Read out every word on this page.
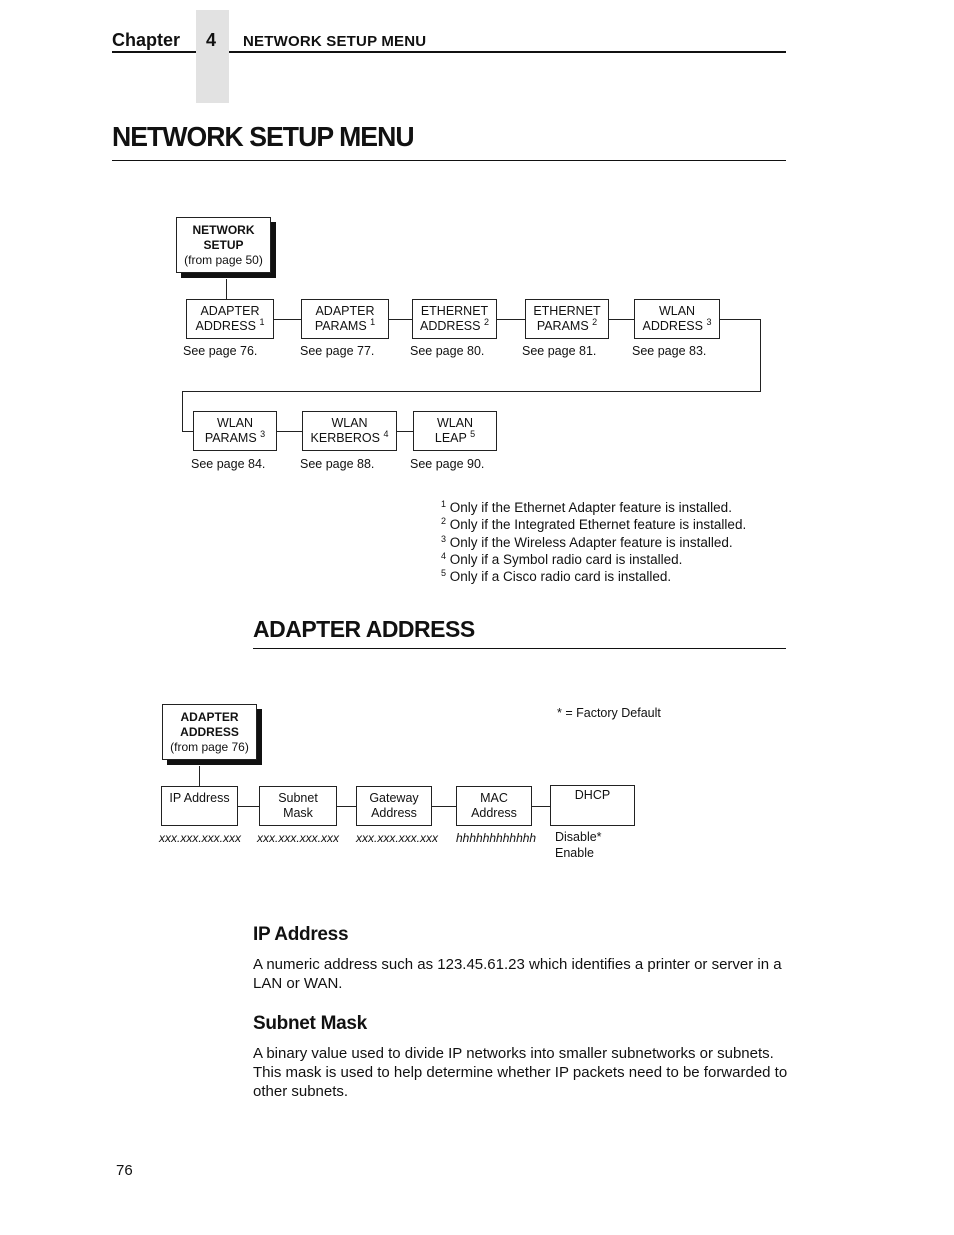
Chapter	4	NETWORK SETUP MENU
NETWORK SETUP MENU
NETWORK
SETUP
(from page 50)
ADAPTER
ADDRESS $^1$
ADAPTER
PARAMS $^1$
ETHERNET
ADDRESS $^2$
ETHERNET
PARAMS $^2$
WLAN
ADDRESS $^3$
See page 76.	See page 77.	See page 80.	See page 81.	See page 83.
WLAN
PARAMS $^3$
WLAN
KERBEROS $^4$
WLAN
LEAP $^5$
See page 84.	See page 88.	See page 90.
$^1$ Only if the Ethernet Adapter feature is installed.
$^2$ Only if the Integrated Ethernet feature is installed.
$^3$ Only if the Wireless Adapter feature is installed.
$^4$ Only if a Symbol radio card is installed.
$^5$ Only if a Cisco radio card is installed.
ADAPTER ADDRESS
* = Factory Default
ADAPTER
ADDRESS
(from page 76)
IP Address	Subnet
Mask
Gateway
Address
MAC
Address
DHCP
xxx.xxx.xxx.xxx xxx.xxx.xxx.xxx xxx.xxx.xxx.xxx hhhhhhhhhhhh Disable*
Enable
IP Address

A numeric address such as 123.45.61.23 which identifies a printer or server in a LAN or WAN.

Subnet Mask

A binary value used to divide IP networks into smaller subnetworks or subnets. This mask is used to help determine whether IP packets need to be forwarded to other subnets.

76
